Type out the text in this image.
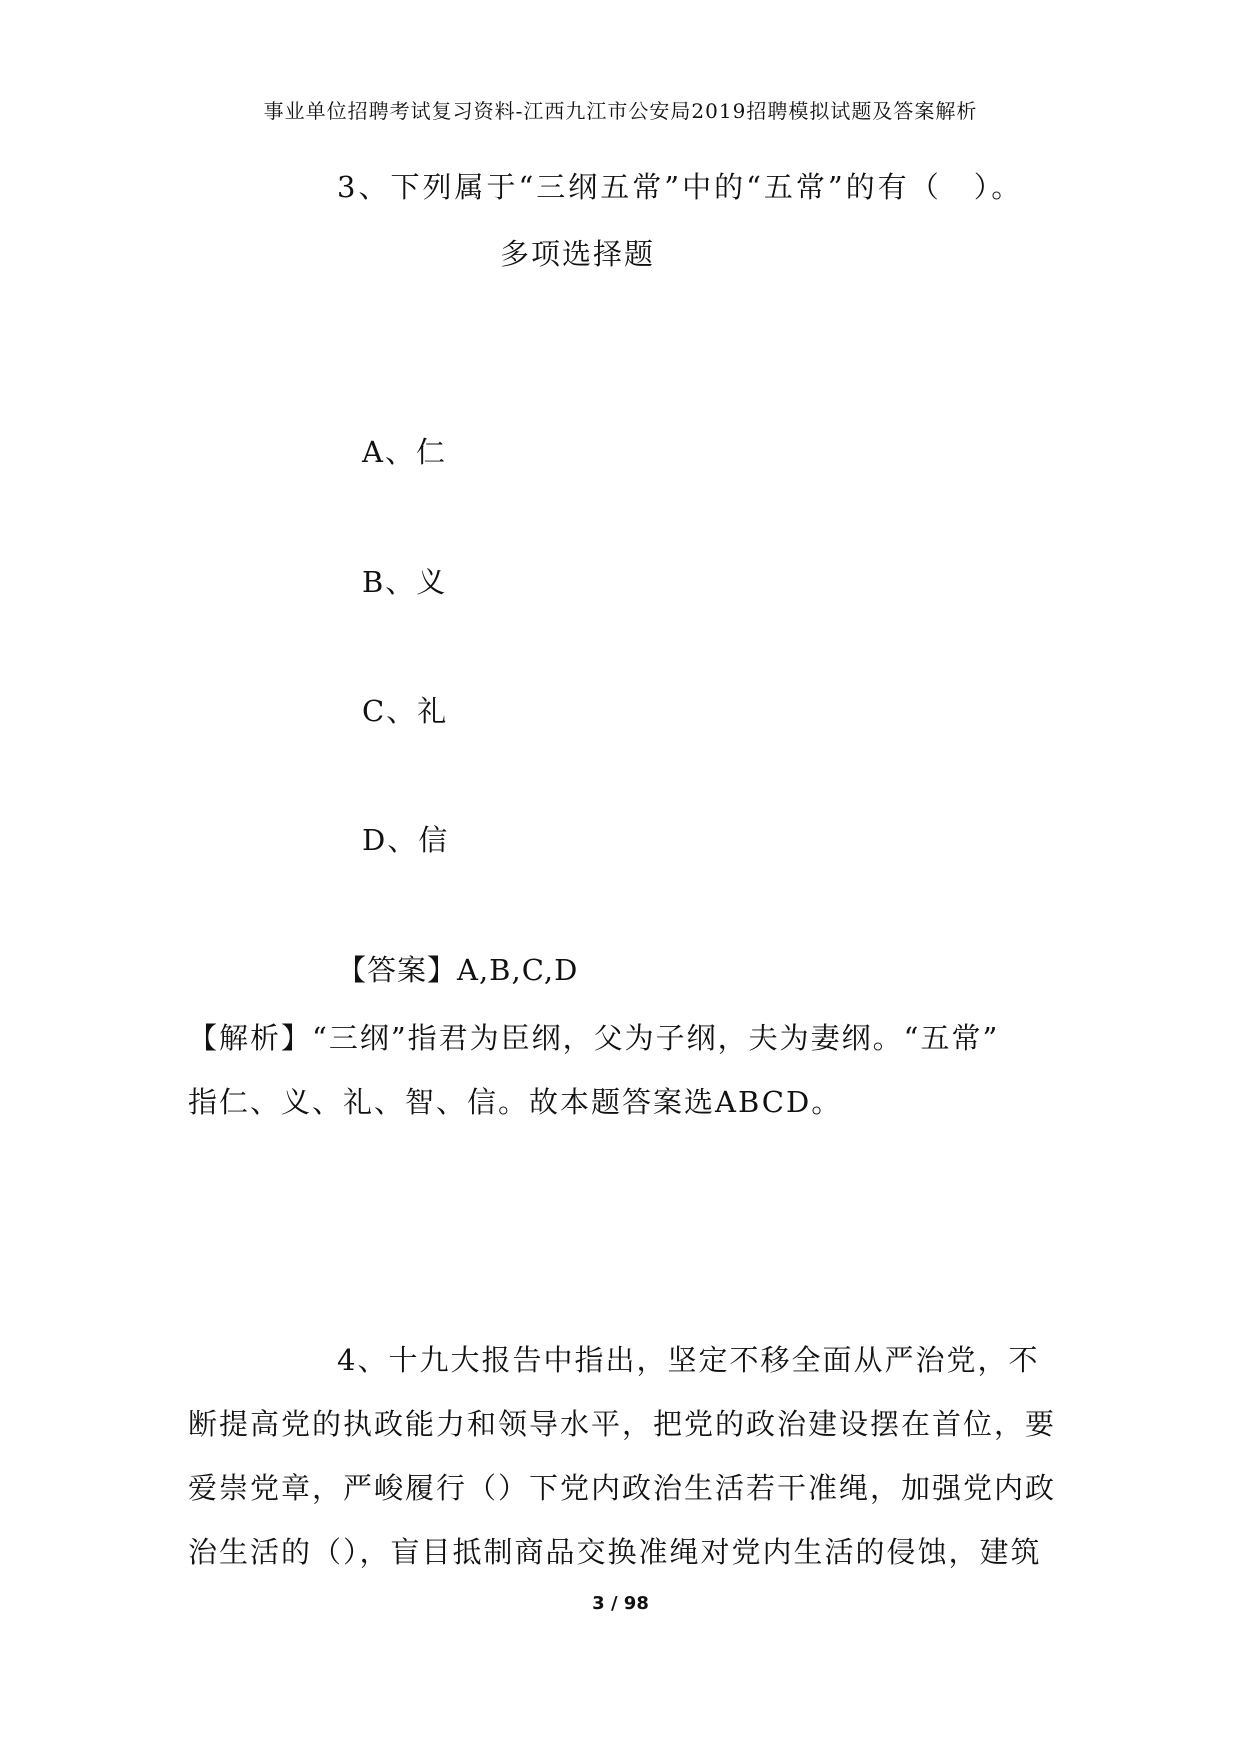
事业单位招聘考试复习资料-江西九江市公安局2019招聘模拟试题及答案解析
3、下列属于“三纲五常”中的“五常”的有（　）。
多项选择题
A、仁
B、义
C、礼
D、信
【答案】A,B,C,D

【解析】“三纲”指君为臣纲，父为子纲，夫为妻纲。“五常”

指仁、义、礼、智、信。故本题答案选ABCD。

4、十九大报告中指出，坚定不移全面从严治党，不

断提高党的执政能力和领导水平，把党的政治建设摆在首位，要

爱崇党章，严峻履行（）下党内政治生活若干准绳，加强党内政

治生活的（），盲目抵制商品交换准绳对党内生活的侵蚀，建筑

3 / 98
